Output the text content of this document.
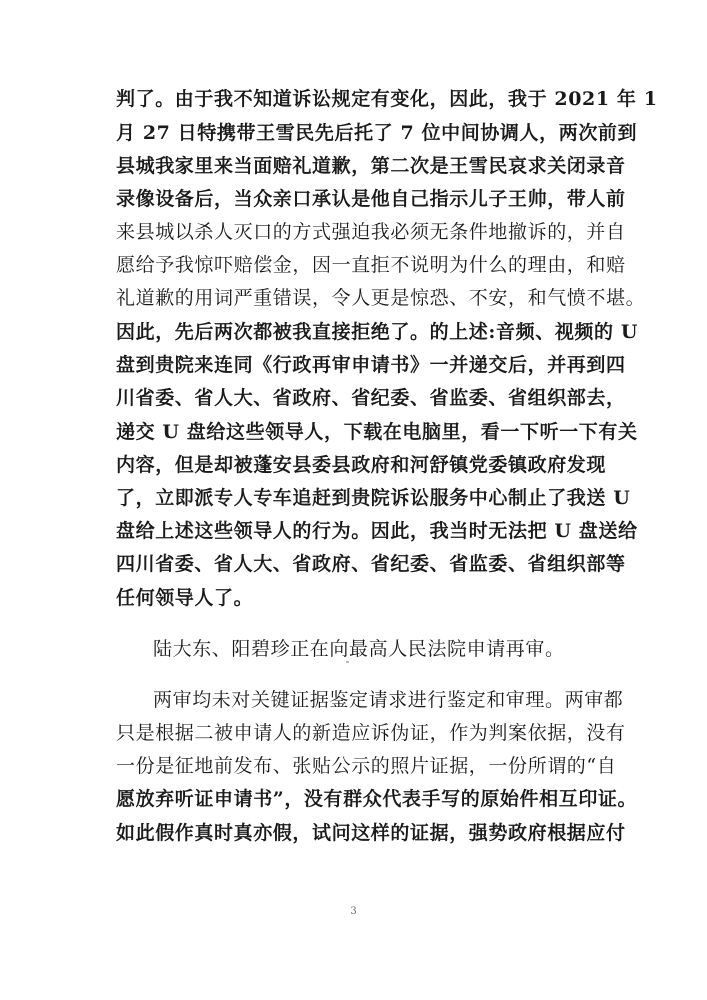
判了。由于我不知道诉讼规定有变化，因此，我于 2021 年 1
月 27 日特携带王雪民先后托了 7 位中间协调人，两次前到
县城我家里来当面赔礼道歉，第二次是王雪民哀求关闭录音
录像设备后，当众亲口承认是他自己指示儿子王帅，带人前
来县城以杀人灭口的方式强迫我必须无条件地撤诉的，并自
愿给予我惊吓赔偿金，因一直拒不说明为什么的理由，和赔
礼道歉的用词严重错误，令人更是惊恐、不安，和气愤不堪。
因此，先后两次都被我直接拒绝了。的上述:音频、视频的 U
盘到贵院来连同《行政再审申请书》一并递交后，并再到四
川省委、省人大、省政府、省纪委、省监委、省组织部去，
递交 U 盘给这些领导人，下载在电脑里，看一下听一下有关
内容，但是却被蓬安县委县政府和河舒镇党委镇政府发现
了，立即派专人专车追赶到贵院诉讼服务中心制止了我送 U
盘给上述这些领导人的行为。因此，我当时无法把 U 盘送给
四川省委、省人大、省政府、省纪委、省监委、省组织部等
任何领导人了。
陆大东、阳碧珍正在向最高人民法院申请再审。
两审均未对关键证据鉴定请求进行鉴定和审理。两审都
只是根据二被申请人的新造应诉伪证，作为判案依据，没有
一份是征地前发布、张贴公示的照片证据，一份所谓的“自
愿放弃听证申请书”，没有群众代表手写的原始件相互印证。
如此假作真时真亦假，试问这样的证据，强势政府根据应付
3
